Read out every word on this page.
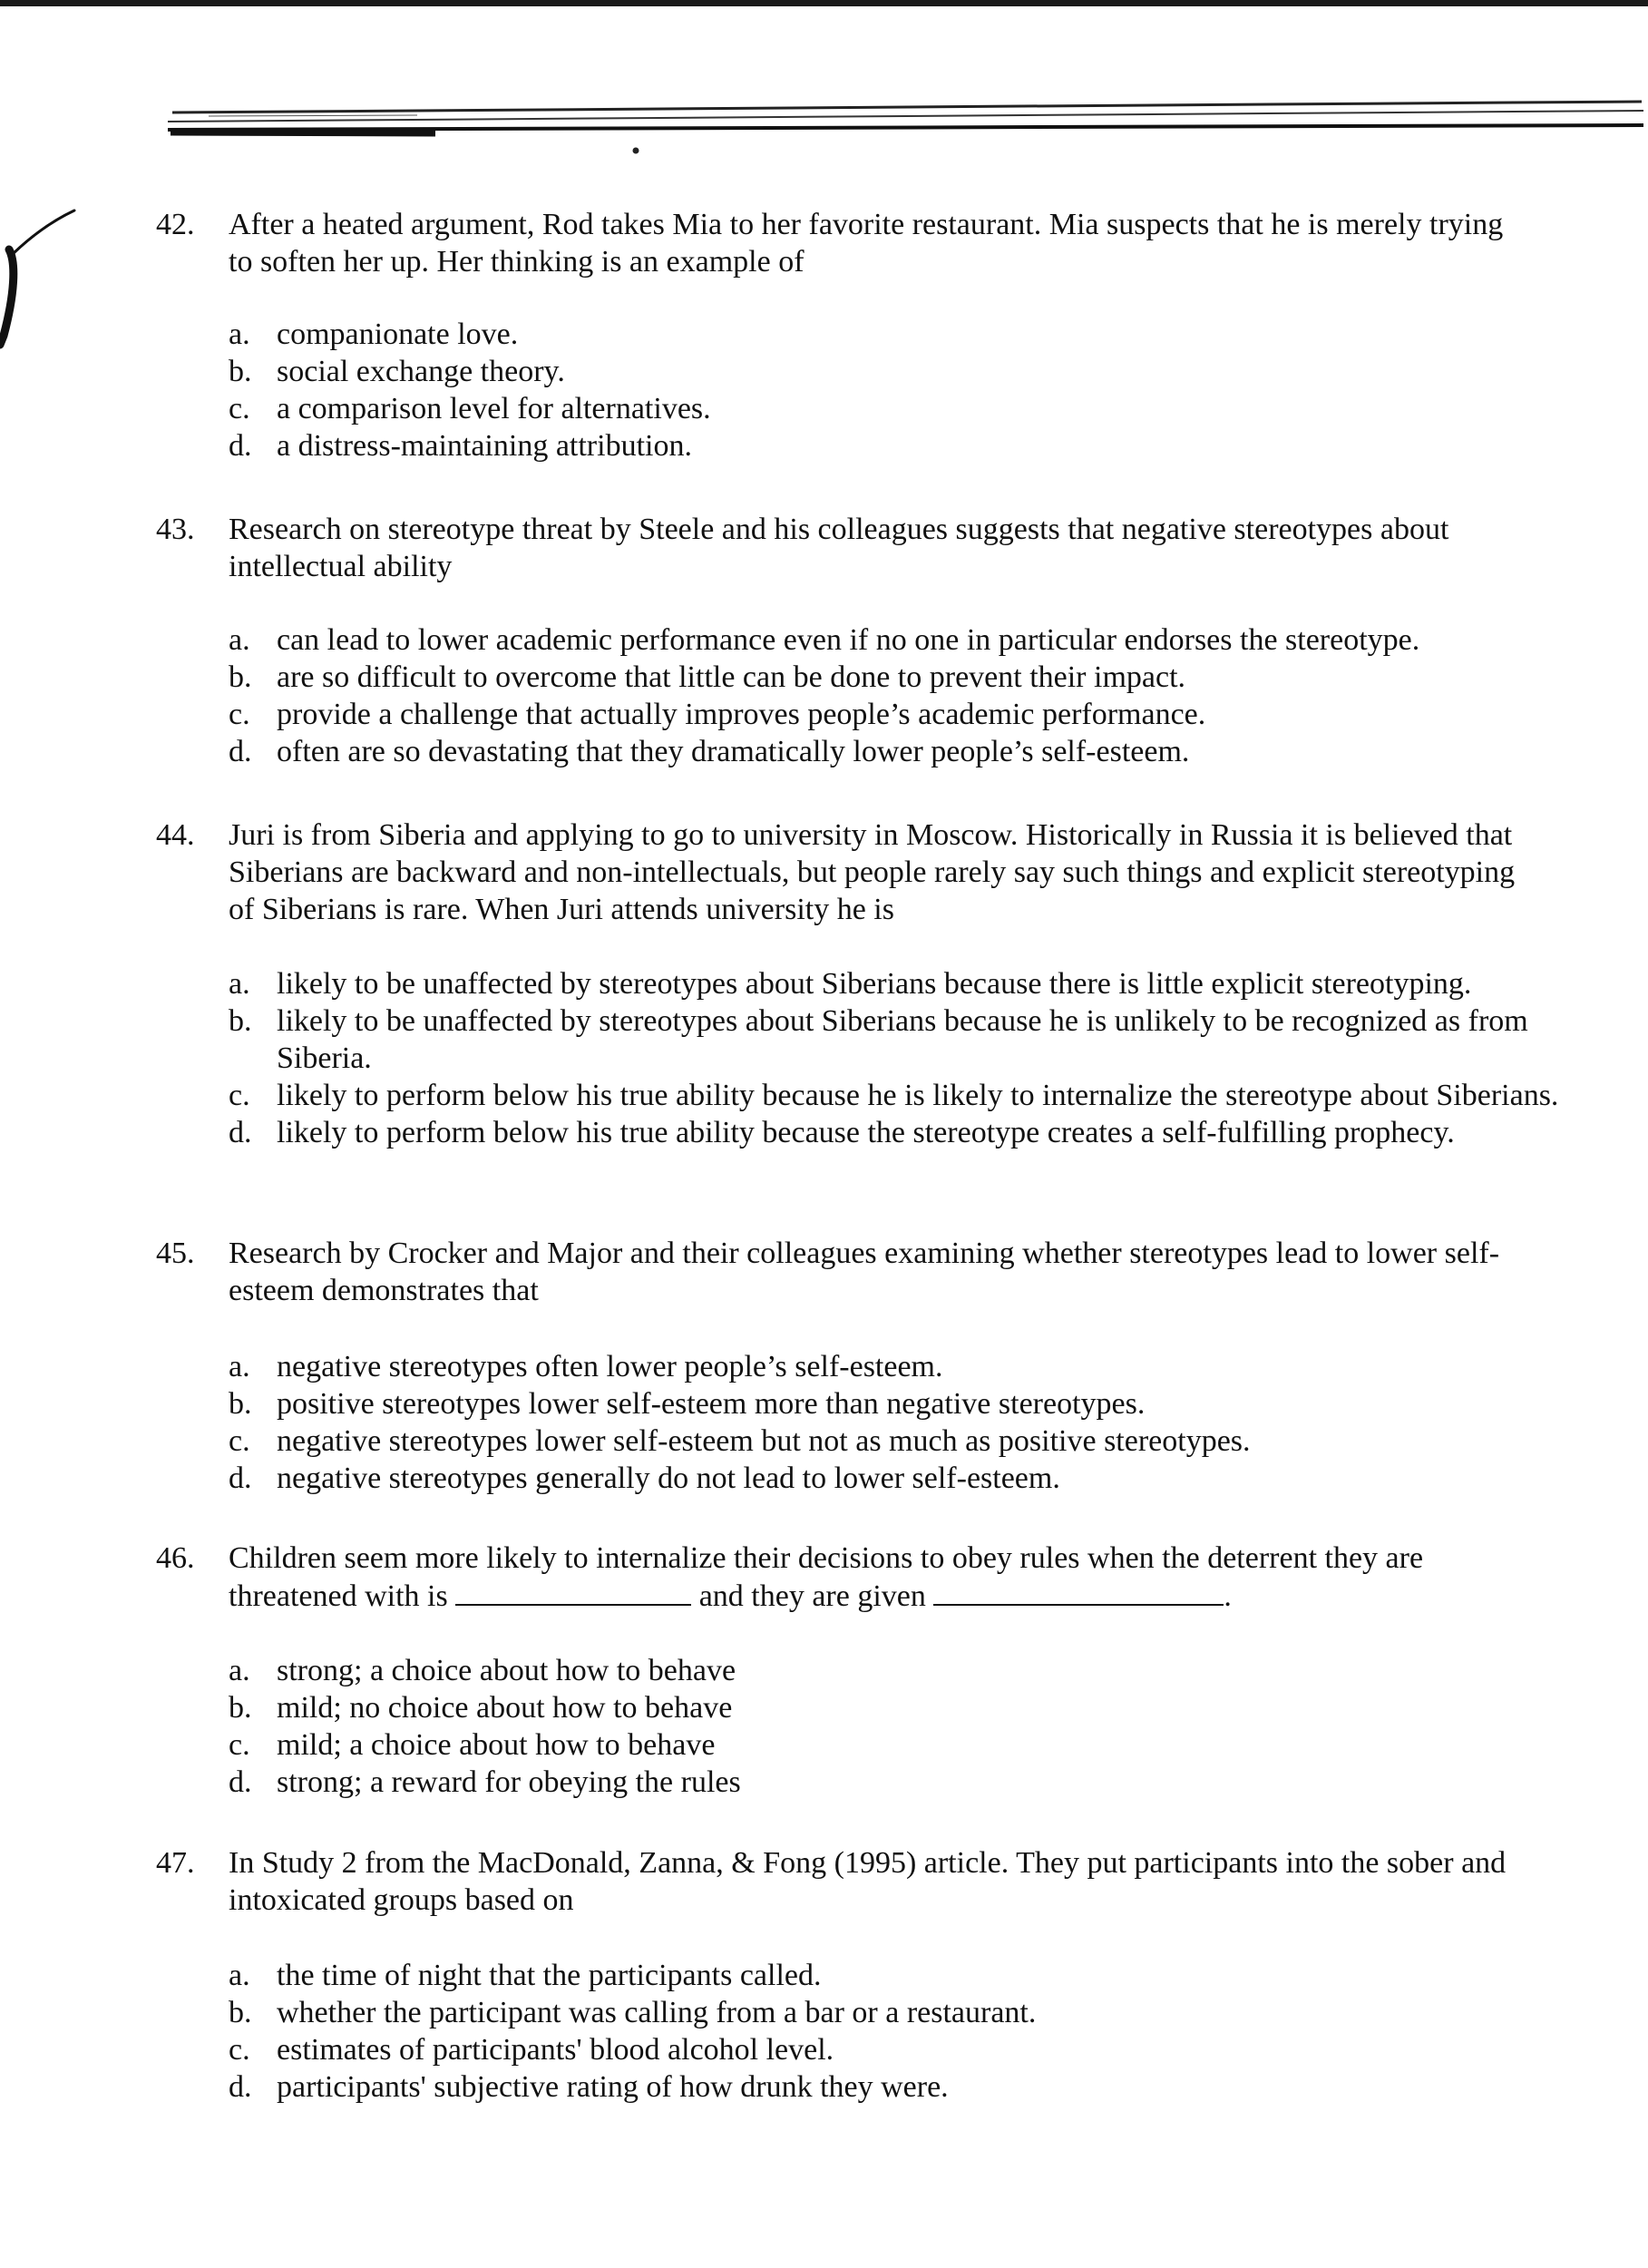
42. After a heated argument, Rod takes Mia to her favorite restaurant. Mia suspects that he is merely trying to soften her up. Her thinking is an example of

a. companionate love.
b. social exchange theory.
c. a comparison level for alternatives.
d. a distress-maintaining attribution.
43. Research on stereotype threat by Steele and his colleagues suggests that negative stereotypes about intellectual ability

a. can lead to lower academic performance even if no one in particular endorses the stereotype.
b. are so difficult to overcome that little can be done to prevent their impact.
c. provide a challenge that actually improves people’s academic performance.
d. often are so devastating that they dramatically lower people’s self-esteem.
44. Juri is from Siberia and applying to go to university in Moscow. Historically in Russia it is believed that Siberians are backward and non-intellectuals, but people rarely say such things and explicit stereotyping of Siberians is rare. When Juri attends university he is

a. likely to be unaffected by stereotypes about Siberians because there is little explicit stereotyping.
b. likely to be unaffected by stereotypes about Siberians because he is unlikely to be recognized as from Siberia.
c. likely to perform below his true ability because he is likely to internalize the stereotype about Siberians.
d. likely to perform below his true ability because the stereotype creates a self-fulfilling prophecy.
45. Research by Crocker and Major and their colleagues examining whether stereotypes lead to lower self-esteem demonstrates that

a. negative stereotypes often lower people’s self-esteem.
b. positive stereotypes lower self-esteem more than negative stereotypes.
c. negative stereotypes lower self-esteem but not as much as positive stereotypes.
d. negative stereotypes generally do not lead to lower self-esteem.
46. Children seem more likely to internalize their decisions to obey rules when the deterrent they are threatened with is	and they are given	.

a. strong; a choice about how to behave
b. mild; no choice about how to behave
c. mild; a choice about how to behave
d. strong; a reward for obeying the rules
47. In Study 2 from the MacDonald, Zanna, & Fong (1995) article. They put participants into the sober and intoxicated groups based on

a. the time of night that the participants called.
b. whether the participant was calling from a bar or a restaurant.
c. estimates of participants' blood alcohol level.
d. participants' subjective rating of how drunk they were.
